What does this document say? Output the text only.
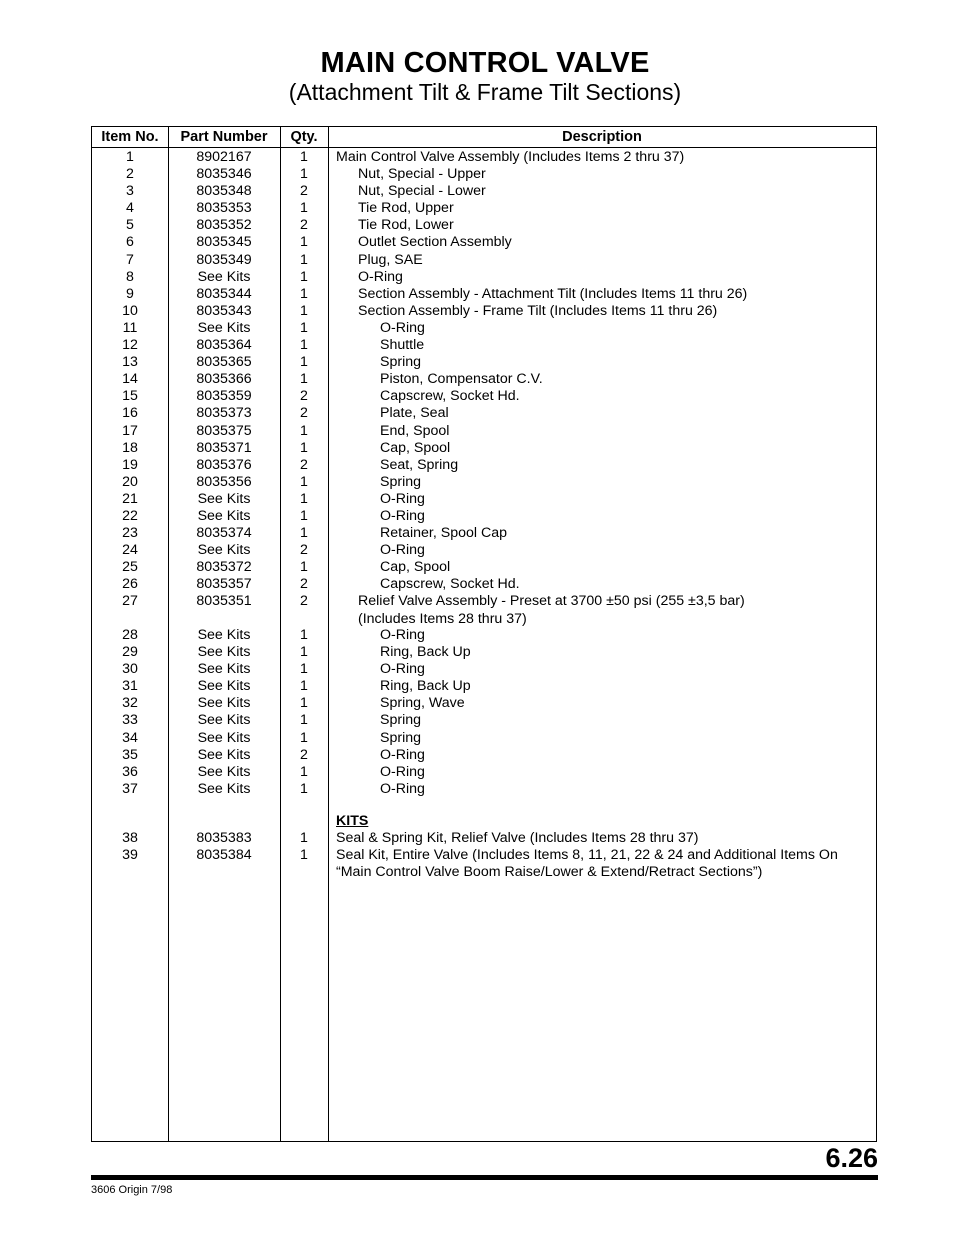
MAIN CONTROL VALVE
(Attachment Tilt & Frame Tilt Sections)
Item No.	Part Number	Qty.	Description
1	8902167	1	Main Control Valve Assembly (Includes Items 2 thru 37)
2	8035346	1	Nut, Special - Upper
3	8035348	2	Nut, Special - Lower
4	8035353	1	Tie Rod, Upper
5	8035352	2	Tie Rod, Lower
6	8035345	1	Outlet Section Assembly
7	8035349	1	Plug, SAE
8	See Kits	1	O-Ring
9	8035344	1	Section Assembly - Attachment Tilt (Includes Items 11 thru 26)
10	8035343	1	Section Assembly - Frame Tilt (Includes Items 11 thru 26)
11	See Kits	1	O-Ring
12	8035364	1	Shuttle
13	8035365	1	Spring
14	8035366	1	Piston, Compensator C.V.
15	8035359	2	Capscrew, Socket Hd.
16	8035373	2	Plate, Seal
17	8035375	1	End, Spool
18	8035371	1	Cap, Spool
19	8035376	2	Seat, Spring
20	8035356	1	Spring
21	See Kits	1	O-Ring
22	See Kits	1	O-Ring
23	8035374	1	Retainer, Spool Cap
24	See Kits	2	O-Ring
25	8035372	1	Cap, Spool
26	8035357	2	Capscrew, Socket Hd.
27	8035351	2	Relief Valve Assembly - Preset at 3700 ±50 psi (255 ±3,5 bar)
(Includes Items 28 thru 37)
28	See Kits	1	O-Ring
29	See Kits	1	Ring, Back Up
30	See Kits	1	O-Ring
31	See Kits	1	Ring, Back Up
32	See Kits	1	Spring, Wave
33	See Kits	1	Spring
34	See Kits	1	Spring
35	See Kits	2	O-Ring
36	See Kits	1	O-Ring
37	See Kits	1	O-Ring
KITS
38	8035383	1	Seal & Spring Kit, Relief Valve (Includes Items 28 thru 37)
39	8035384	1	Seal Kit, Entire Valve (Includes Items 8, 11, 21, 22 & 24 and Additional Items On
“Main Control Valve Boom Raise/Lower & Extend/Retract Sections”)
6.26
3606 Origin 7/98
